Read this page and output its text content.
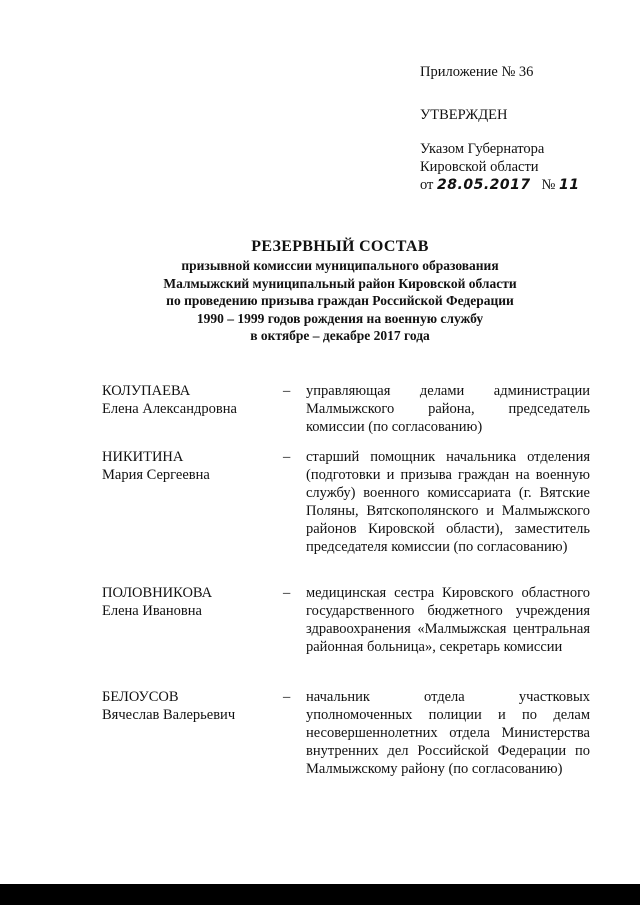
Приложение № 36
УТВЕРЖДЕН
Указом Губернатора
Кировской области
от 28.05.2017 № 11
РЕЗЕРВНЫЙ СОСТАВ
призывной комиссии муниципального образования
Малмыжский муниципальный район Кировской области
по проведению призыва граждан Российской Федерации
1990 – 1999 годов рождения на военную службу
в октябре – декабре 2017 года
КОЛУПАЕВА
Елена Александровна
– управляющая делами администрации Малмыжского района, председатель комиссии (по согласованию)
НИКИТИНА
Мария Сергеевна
– старший помощник начальника отделения (подготовки и призыва граждан на военную службу) военного комиссариата (г. Вятские Поляны, Вятскополянского и Малмыжского районов Кировской области), заместитель председателя комиссии (по согласованию)
ПОЛОВНИКОВА
Елена Ивановна
– медицинская сестра Кировского областного государственного бюджетного учреждения здравоохранения «Малмыжская центральная районная больница», секретарь комиссии
БЕЛОУСОВ
Вячеслав Валерьевич
– начальник отдела участковых уполномоченных полиции и по делам несовершеннолетних отдела Министерства внутренних дел Российской Федерации по Малмыжскому району (по согласованию)
